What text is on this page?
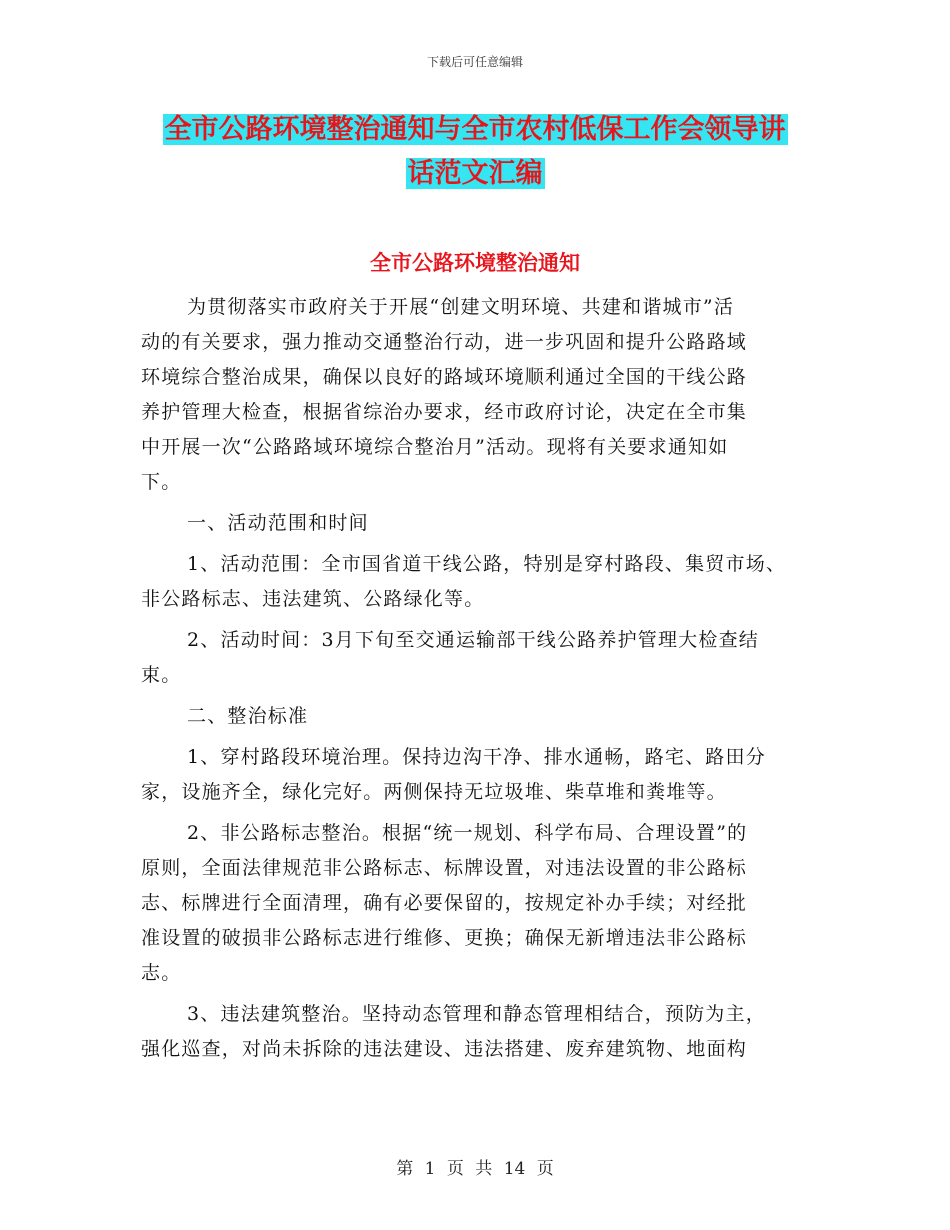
下载后可任意编辑
全市公路环境整治通知与全市农村低保工作会领导讲
话范文汇编
全市公路环境整治通知
为贯彻落实市政府关于开展“创建文明环境、共建和谐城市”活
动的有关要求，强力推动交通整治行动，进一步巩固和提升公路路域
环境综合整治成果，确保以良好的路域环境顺利通过全国的干线公路
养护管理大检查，根据省综治办要求，经市政府讨论，决定在全市集
中开展一次“公路路域环境综合整治月”活动。现将有关要求通知如
下。
一、活动范围和时间
1、活动范围：全市国省道干线公路，特别是穿村路段、集贸市场、
非公路标志、违法建筑、公路绿化等。
2、活动时间：3月下旬至交通运输部干线公路养护管理大检查结
束。
二、整治标准
1、穿村路段环境治理。保持边沟干净、排水通畅，路宅、路田分
家，设施齐全，绿化完好。两侧保持无垃圾堆、柴草堆和粪堆等。
2、非公路标志整治。根据“统一规划、科学布局、合理设置”的
原则，全面法律规范非公路标志、标牌设置，对违法设置的非公路标
志、标牌进行全面清理，确有必要保留的，按规定补办手续；对经批
准设置的破损非公路标志进行维修、更换；确保无新增违法非公路标
志。
3、违法建筑整治。坚持动态管理和静态管理相结合，预防为主，
强化巡查，对尚未拆除的违法建设、违法搭建、废弃建筑物、地面构
第 1 页 共 14 页
